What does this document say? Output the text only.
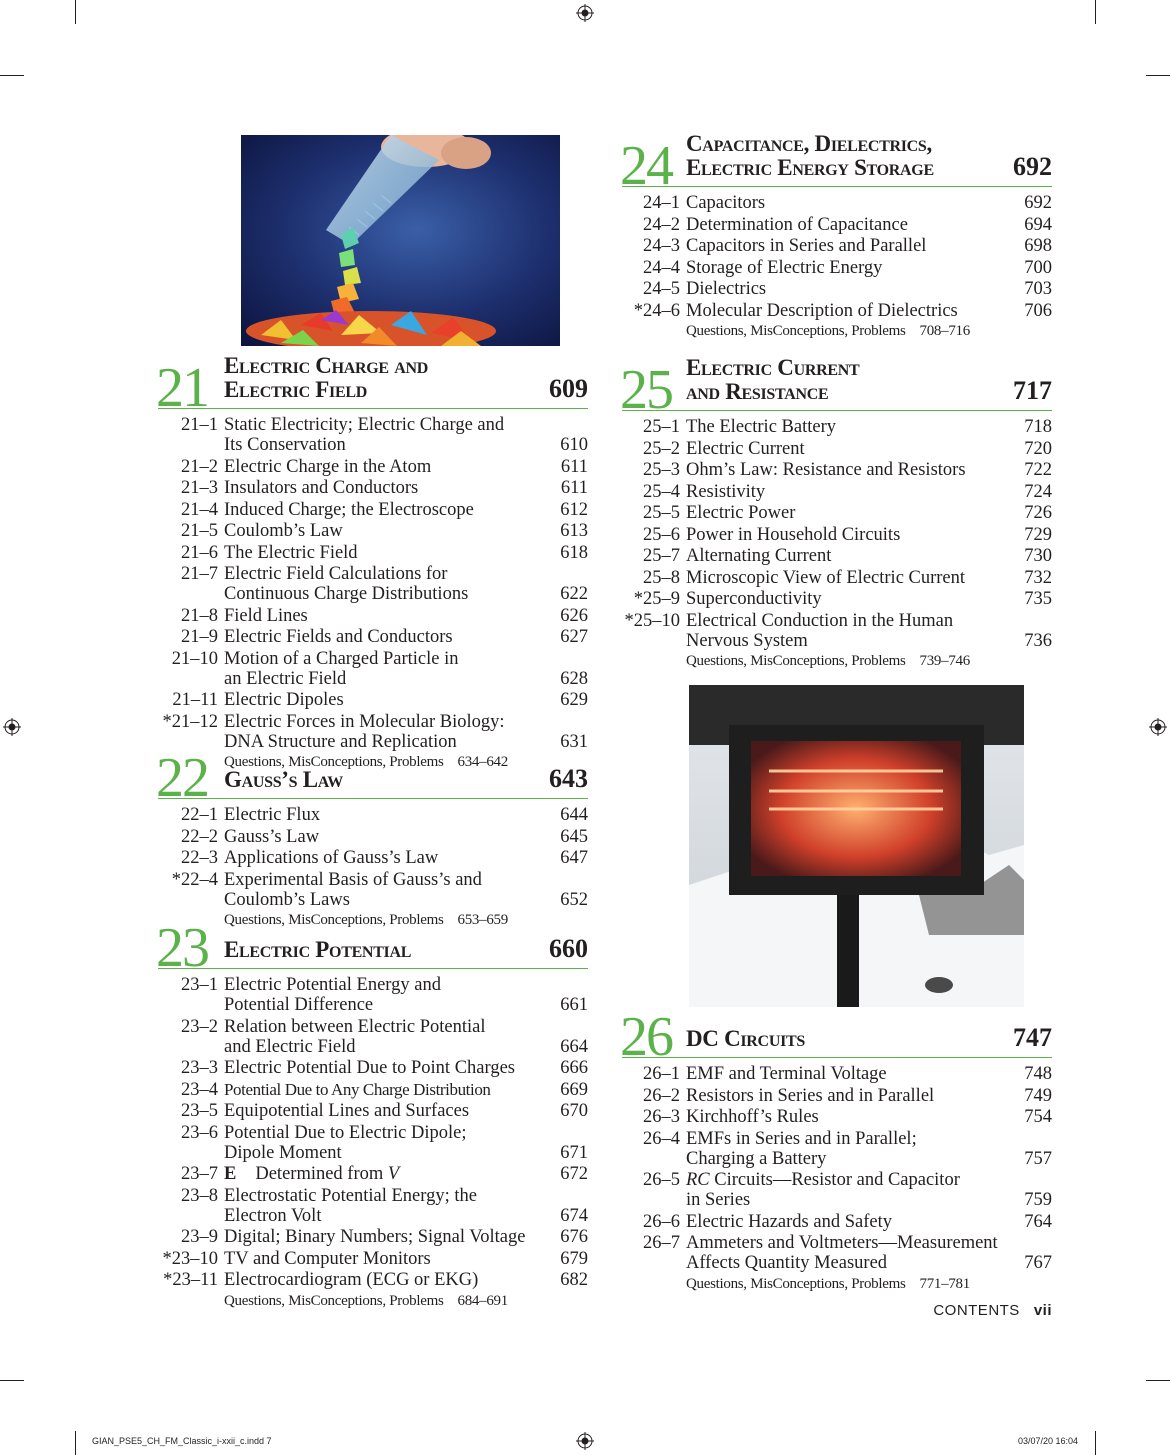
21 Electric Charge and
Electric Field	609
21–1 Static Electricity; Electric Charge and
Its Conservation	610
21–2 Electric Charge in the Atom	611
21–3 Insulators and Conductors	611
21–4 Induced Charge; the Electroscope	612
21–5 Coulomb’s Law	613
21–6 The Electric Field	618
21–7 Electric Field Calculations for
Continuous Charge Distributions	622
21–8 Field Lines	626
21–9 Electric Fields and Conductors	627
21–10 Motion of a Charged Particle in
an Electric Field	628
21–11 Electric Dipoles	629
*21–12 Electric Forces in Molecular Biology:
DNA Structure and Replication	631
Questions, MisConceptions, Problems 634–642
22 Gauss’s Law	643
22–1 Electric Flux	644
22–2 Gauss’s Law	645
22–3 Applications of Gauss’s Law	647
*22–4 Experimental Basis of Gauss’s and
Coulomb’s Laws	652
Questions, MisConceptions, Problems 653–659
23 Electric Potential	660
23–1 Electric Potential Energy and
Potential Difference	661
23–2 Relation between Electric Potential
and Electric Field	664
23–3 Electric Potential Due to Point Charges	666
23–4 Potential Due to Any Charge Distribution	669
23–5 Equipotential Lines and Surfaces	670
23–6 Potential Due to Electric Dipole;
Dipole Moment	671
23–7 E⃗ Determined from V	672
23–8 Electrostatic Potential Energy; the
Electron Volt	674
23–9 Digital; Binary Numbers; Signal Voltage	676
*23–10 TV and Computer Monitors	679
*23–11 Electrocardiogram (ECG or EKG)	682
Questions, MisConceptions, Problems 684–691
24 Capacitance, Dielectrics,
Electric Energy Storage	692
24–1 Capacitors	692
24–2 Determination of Capacitance	694
24–3 Capacitors in Series and Parallel	698
24–4 Storage of Electric Energy	700
24–5 Dielectrics	703
*24–6 Molecular Description of Dielectrics	706
Questions, MisConceptions, Problems 708–716
25 Electric Current
and Resistance	717
25–1 The Electric Battery	718
25–2 Electric Current	720
25–3 Ohm’s Law: Resistance and Resistors	722
25–4 Resistivity	724
25–5 Electric Power	726
25–6 Power in Household Circuits	729
25–7 Alternating Current	730
25–8 Microscopic View of Electric Current	732
*25–9 Superconductivity	735
*25–10 Electrical Conduction in the Human
Nervous System	736
Questions, MisConceptions, Problems 739–746
26 DC Circuits	747
26–1 EMF and Terminal Voltage	748
26–2 Resistors in Series and in Parallel	749
26–3 Kirchhoff’s Rules	754
26–4 EMFs in Series and in Parallel;
Charging a Battery	757
26–5 RC Circuits—Resistor and Capacitor
in Series	759
26–6 Electric Hazards and Safety	764
26–7 Ammeters and Voltmeters—Measurement
Affects Quantity Measured	767
Questions, MisConceptions, Problems 771–781
CONTENTS vii
GIAN_PSE5_CH_FM_Classic_i-xxii_c.indd 7	03/07/20 16:04
